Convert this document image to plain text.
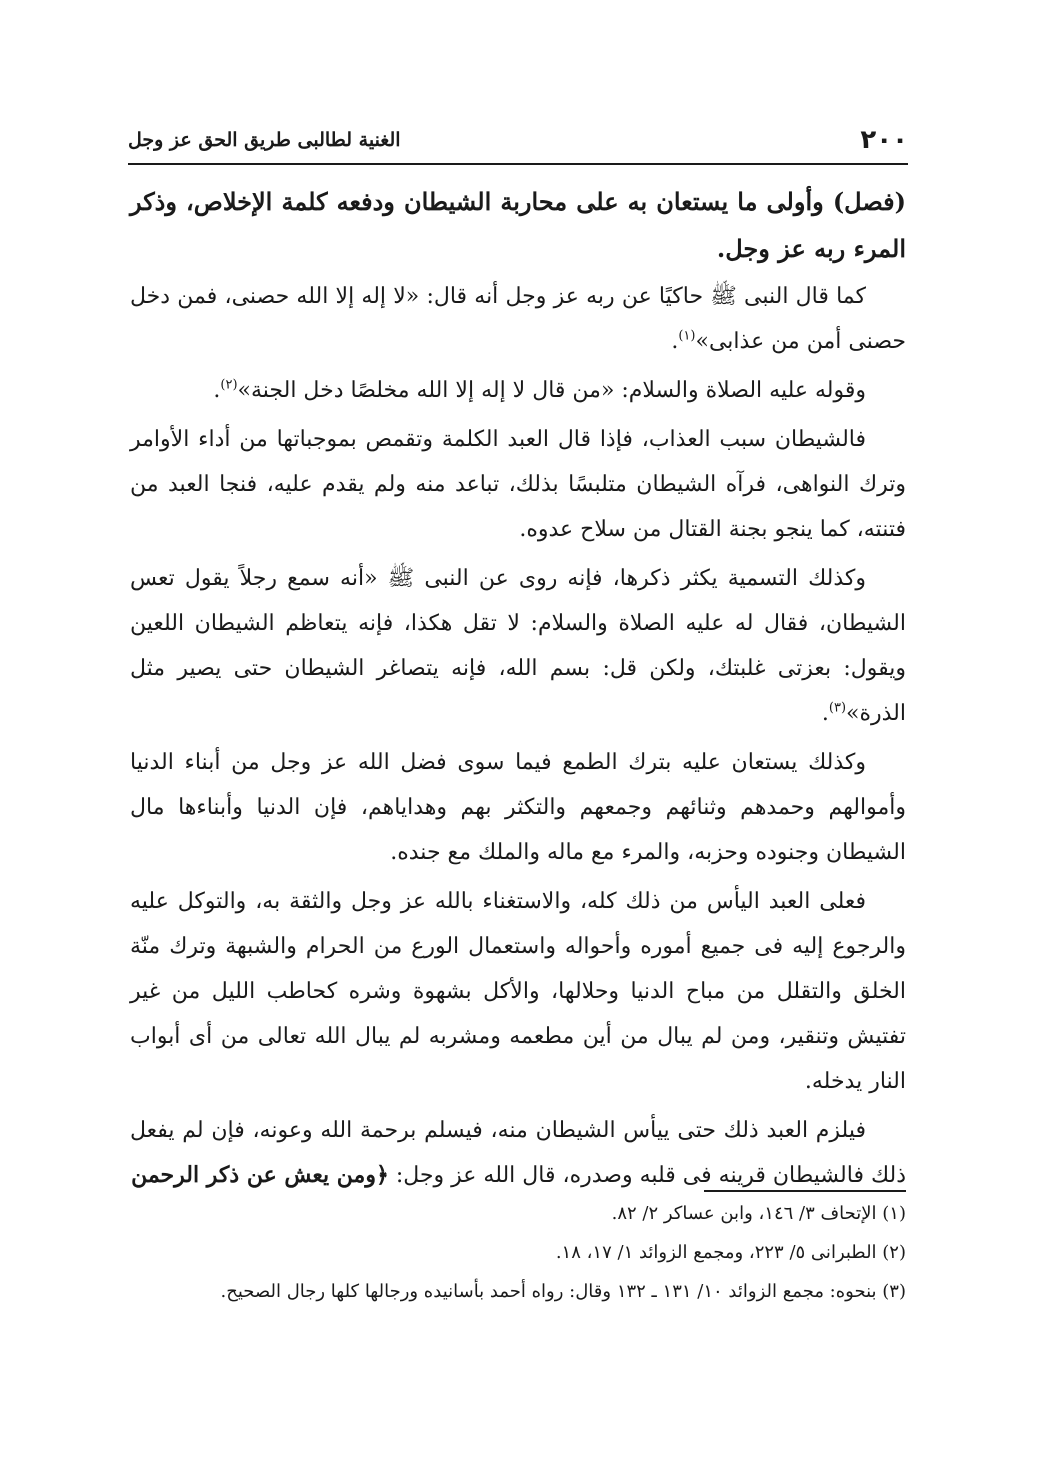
٢٠٠
الغنية لطالبى طريق الحق عز وجل

(فصل) وأولى ما يستعان به على محاربة الشيطان ودفعه كلمة الإخلاص، وذكر المرء ربه عز وجل.

كما قال النبى ﷺ حاكيًا عن ربه عز وجل أنه قال: «لا إله إلا الله حصنى، فمن دخل حصنى أمن من عذابى»$^{(١)}$.

وقوله عليه الصلاة والسلام: «من قال لا إله إلا الله مخلصًا دخل الجنة»$^{(٢)}$.

فالشيطان سبب العذاب، فإذا قال العبد الكلمة وتقمص بموجباتها من أداء الأوامر وترك النواهى، فرآه الشيطان متلبسًا بذلك، تباعد منه ولم يقدم عليه، فنجا العبد من فتنته، كما ينجو بجنة القتال من سلاح عدوه.

وكذلك التسمية يكثر ذكرها، فإنه روى عن النبى ﷺ «أنه سمع رجلاً يقول تعس الشيطان، فقال له عليه الصلاة والسلام: لا تقل هكذا، فإنه يتعاظم الشيطان اللعين ويقول: بعزتى غلبتك، ولكن قل: بسم الله، فإنه يتصاغر الشيطان حتى يصير مثل الذرة»$^{(٣)}$.

وكذلك يستعان عليه بترك الطمع فيما سوى فضل الله عز وجل من أبناء الدنيا وأموالهم وحمدهم وثنائهم وجمعهم والتكثر بهم وهداياهم، فإن الدنيا وأبناءها مال الشيطان وجنوده وحزبه، والمرء مع ماله والملك مع جنده.

فعلى العبد اليأس من ذلك كله، والاستغناء بالله عز وجل والثقة به، والتوكل عليه والرجوع إليه فى جميع أموره وأحواله واستعمال الورع من الحرام والشبهة وترك منّة الخلق والتقلل من مباح الدنيا وحلالها، والأكل بشهوة وشره كحاطب الليل من غير تفتيش وتنقير، ومن لم يبال من أين مطعمه ومشربه لم يبال الله تعالى من أى أبواب النار يدخله.

فيلزم العبد ذلك حتى ييأس الشيطان منه، فيسلم برحمة الله وعونه، فإن لم يفعل ذلك فالشيطان قرينه فى قلبه وصدره، قال الله عز وجل: ﴿ومن يعش عن ذكر الرحمن

(١) الإتحاف ٣/ ١٤٦، وابن عساكر ٢/ ٨٢.

(٢) الطبرانى ٥/ ٢٢٣، ومجمع الزوائد ١/ ١٧، ١٨.

(٣) بنحوه: مجمع الزوائد ١٠/ ١٣١ ـ ١٣٢ وقال: رواه أحمد بأسانيده ورجالها كلها رجال الصحيح.
